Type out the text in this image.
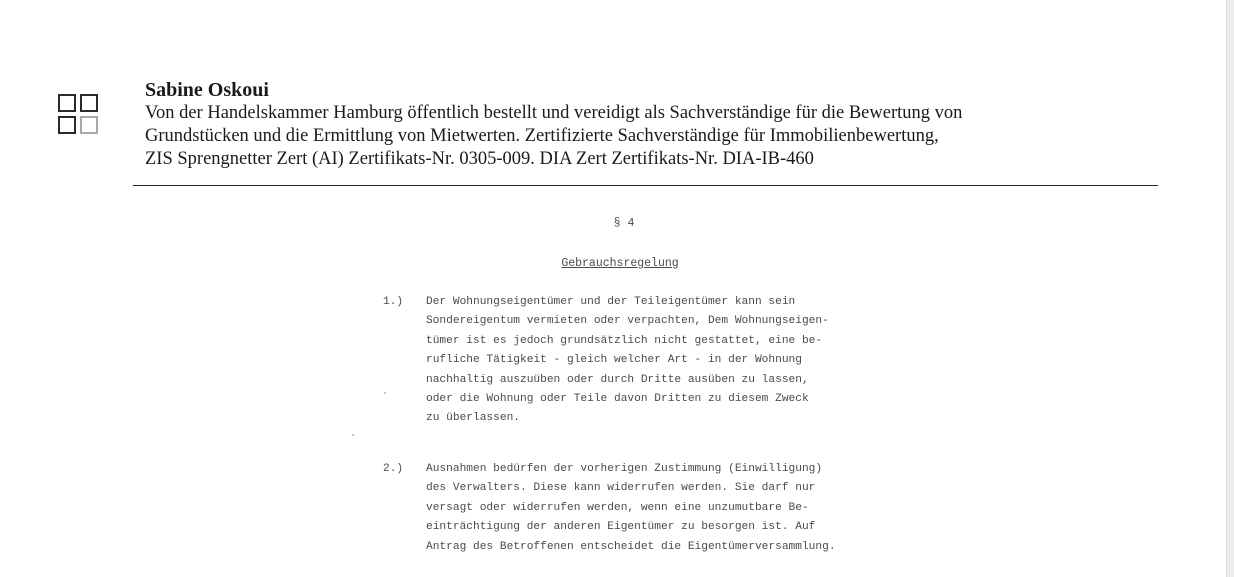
Sabine Oskoui

Von der Handelskammer Hamburg öffentlich bestellt und vereidigt als Sachverständige für die Bewertung von

Grundstücken und die Ermittlung von Mietwerten. Zertifizierte Sachverständige für Immobilienbewertung,

ZIS Sprengnetter Zert (AI) Zertifikats-Nr. 0305-009. DIA Zert Zertifikats-Nr. DIA-IB-460

§ 4
Gebrauchsregelung
1.) Der Wohnungseigentümer und der Teileigentümer kann sein
Sondereigentum vermieten oder verpachten, Dem Wohnungseigen-
tümer ist es jedoch grundsätzlich nicht gestattet, eine be-
rufliche Tätigkeit - gleich welcher Art - in der Wohnung
nachhaltig auszuüben oder durch Dritte ausüben zu lassen,
oder die Wohnung oder Teile davon Dritten zu diesem Zweck
zu überlassen.
2.) Ausnahmen bedürfen der vorherigen Zustimmung (Einwilligung)
des Verwalters. Diese kann widerrufen werden. Sie darf nur
versagt oder widerrufen werden, wenn eine unzumutbare Be-
einträchtigung der anderen Eigentümer zu besorgen ist. Auf
Antrag des Betroffenen entscheidet die Eigentümerversammlung.
